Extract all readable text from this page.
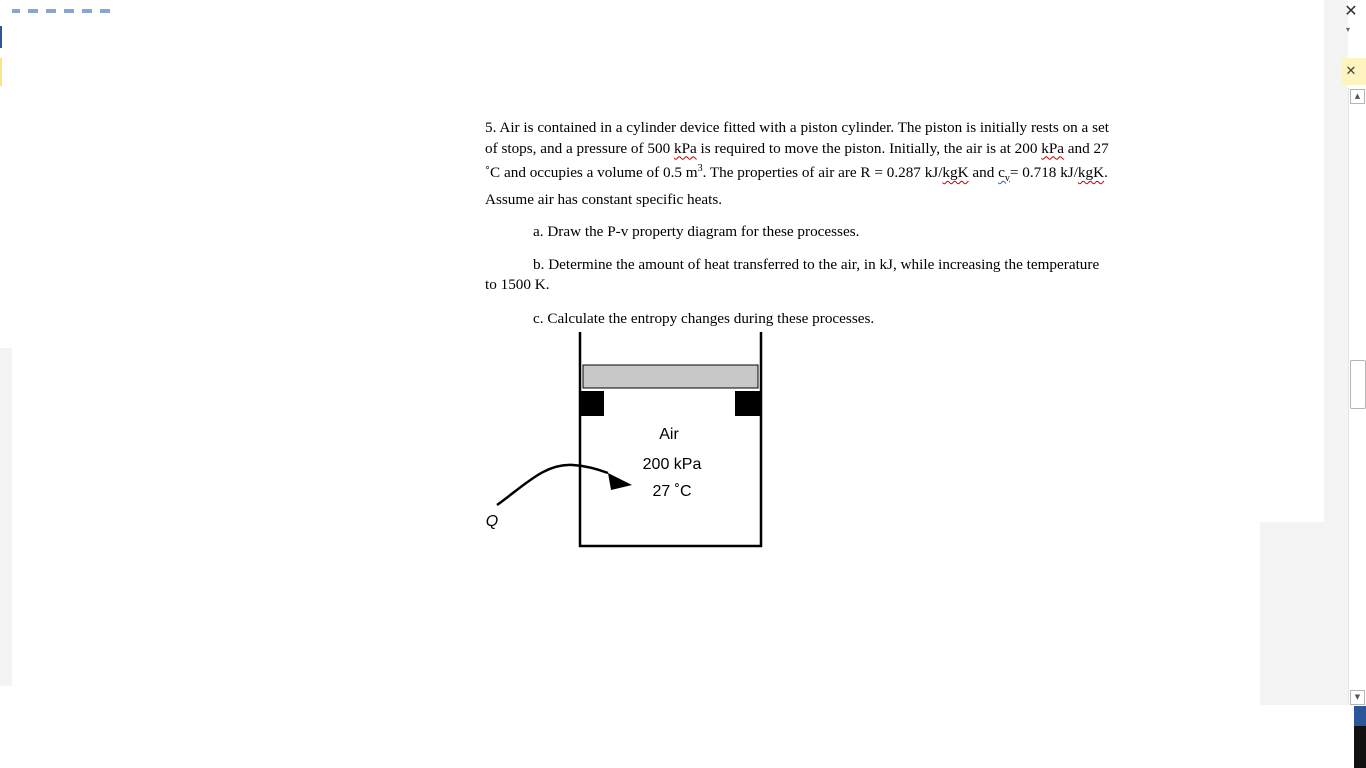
✕
▾
✕
▲
▼

5. Air is contained in a cylinder device fitted with a piston cylinder. The piston is initially rests on a set of stops, and a pressure of 500 kPa is required to move the piston. Initially, the air is at 200 kPa and 27 ˚C and occupies a volume of 0.5 $m^3$. The properties of air are R = 0.287 kJ/kgK and $c_v= 0.718$ kJ/kgK. Assume air has constant specific heats.

a. Draw the P-v property diagram for these processes.

b. Determine the amount of heat transferred to the air, in kJ, while increasing the temperature to 1500 K.

c. Calculate the entropy changes during these processes.

Air
200 kPa
27 ˚C
Q
